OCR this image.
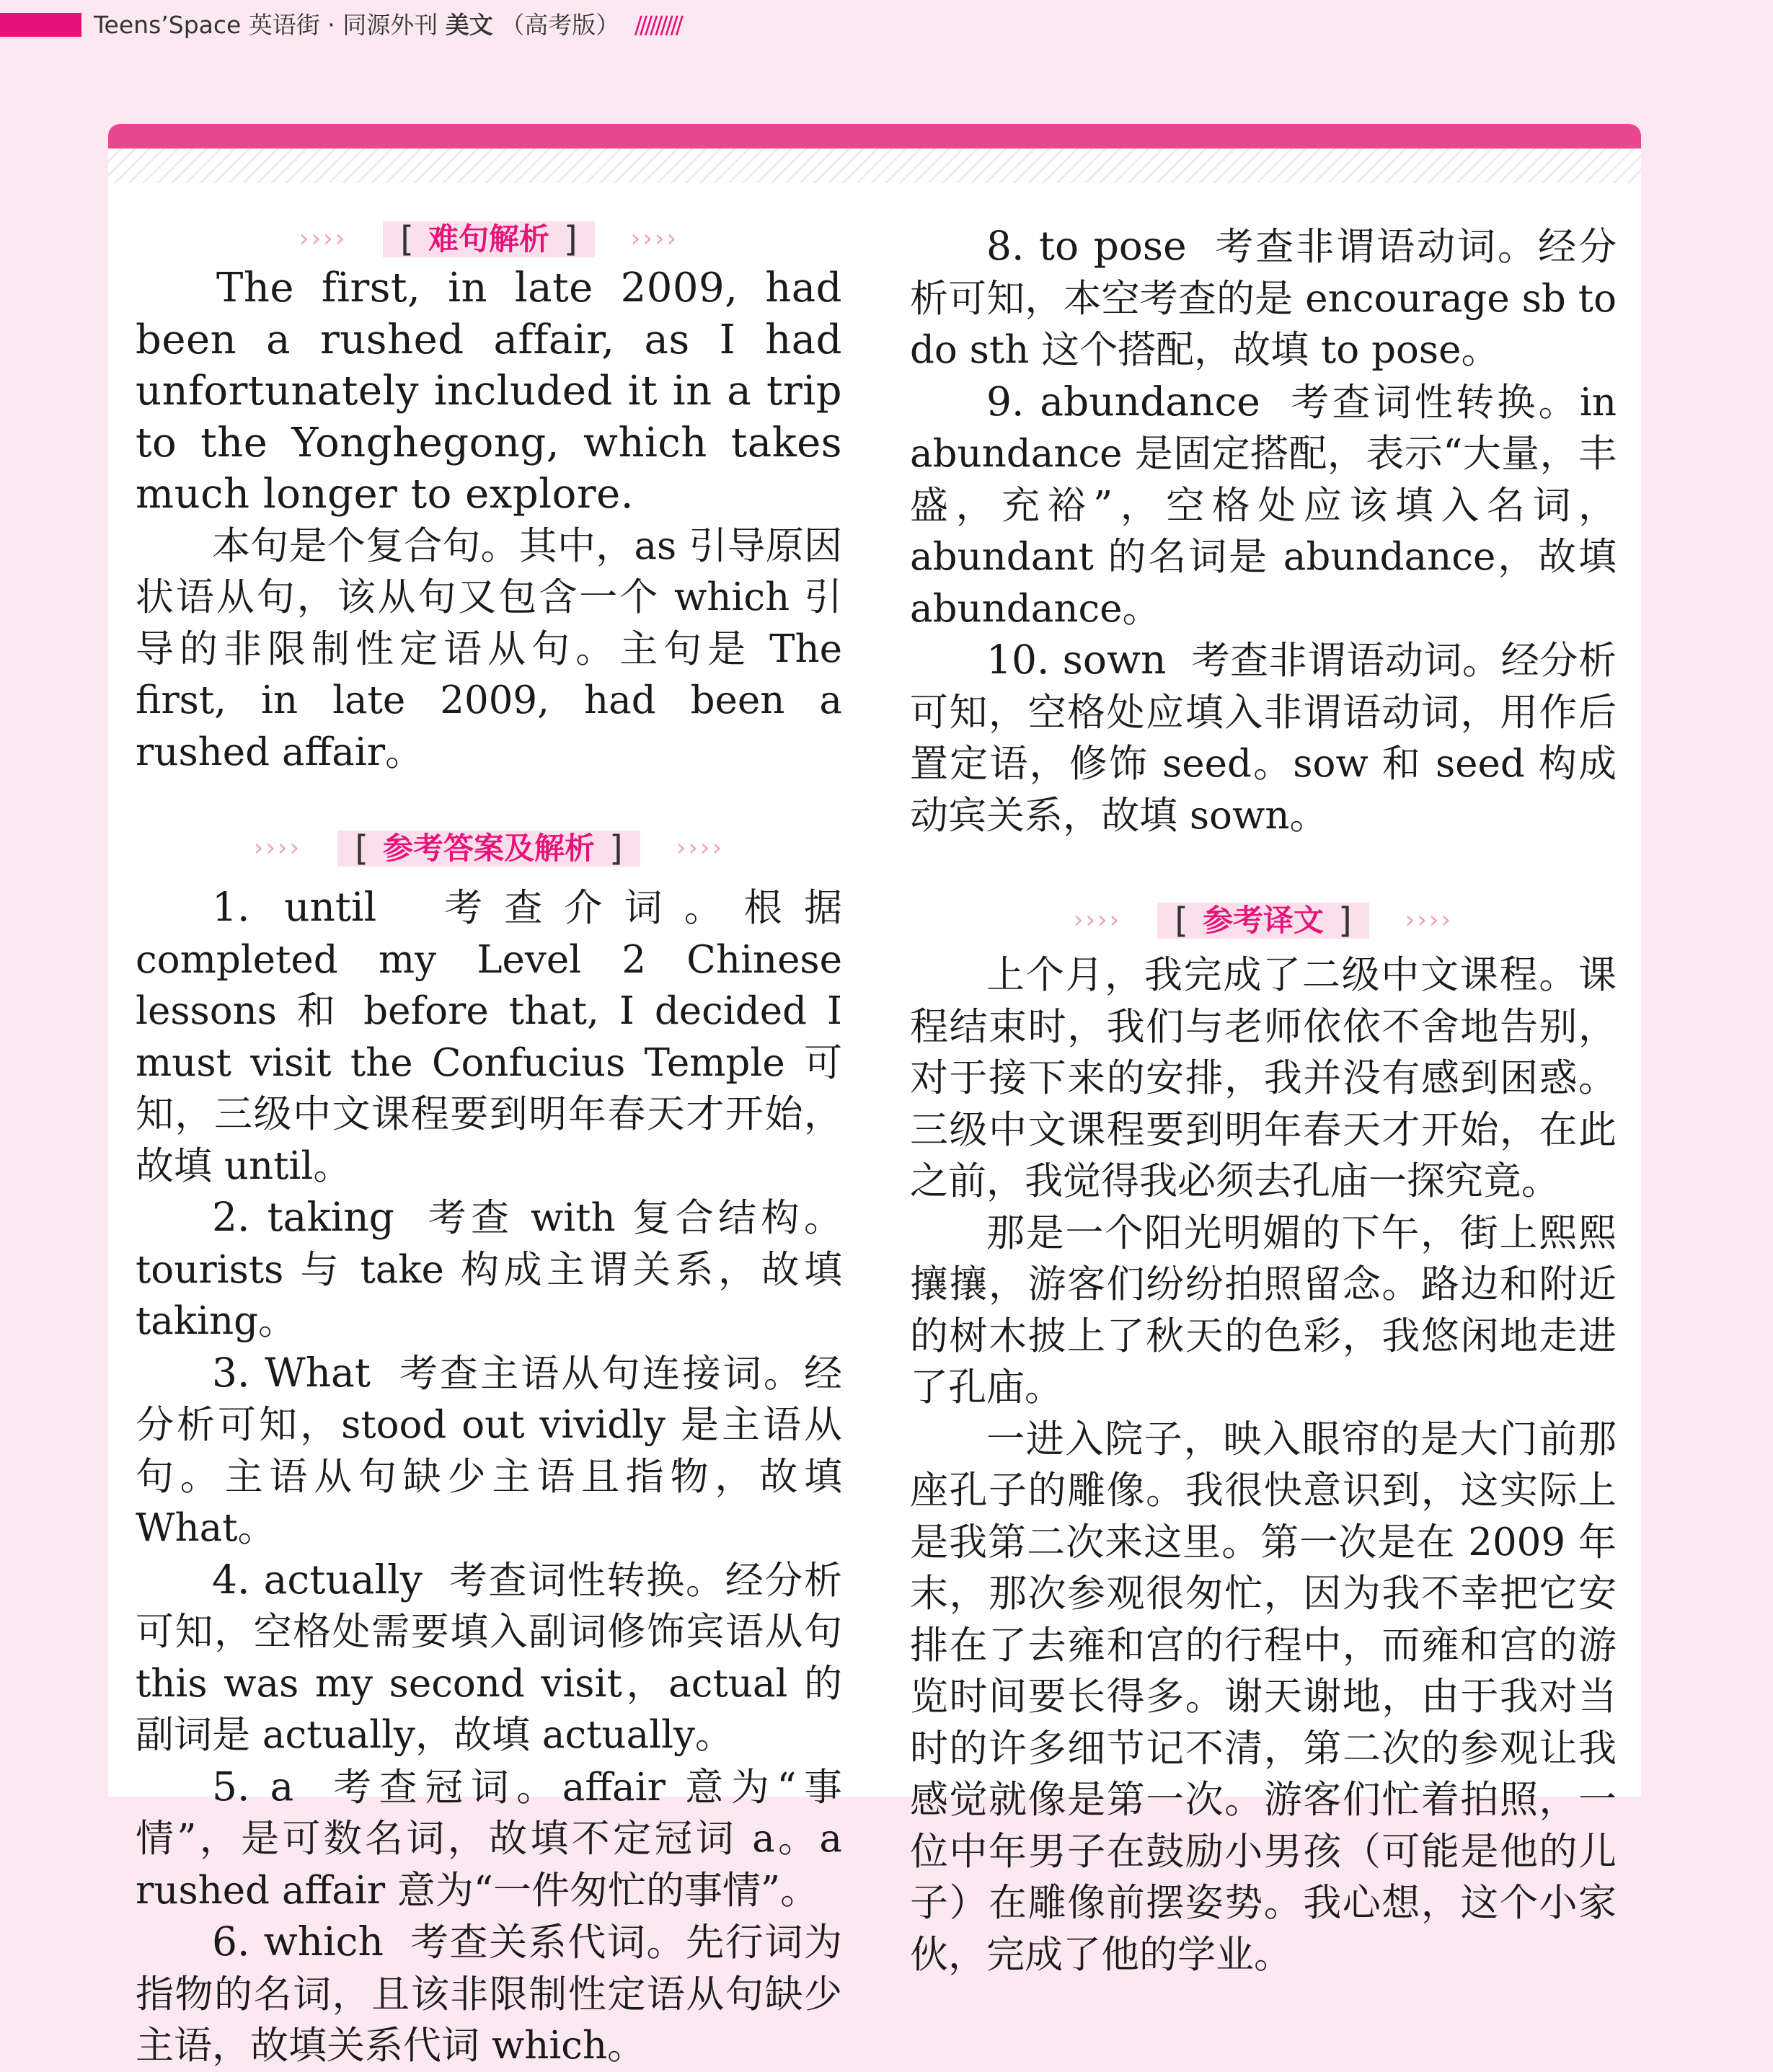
Teens’Space 英语街 · 同源外刊 美文 （高考版） /////////
›››› [ 难句解析 ] ››››

The first, in late 2009, had been a rushed affair, as I had unfortunately included it in a trip to the Yonghegong, which takes much longer to explore.

本句是个复合句。其中，as 引导原因状语从句，该从句又包含一个 which 引导的非限制性定语从句。主句是 The first, in late 2009, had been a rushed affair。

›››› [ 参考答案及解析 ] ››››

1. until 考查介词。根据 completed my Level 2 Chinese lessons 和 before that, I decided I must visit the Confucius Temple 可知，三级中文课程要到明年春天才开始，故填 until。

2. taking 考查 with 复合结构。tourists 与 take 构成主谓关系，故填 taking。

3. What 考查主语从句连接词。经分析可知，stood out vividly 是主语从句。主语从句缺少主语且指物，故填 What。

4. actually 考查词性转换。经分析可知，空格处需要填入副词修饰宾语从句 this was my second visit，actual 的副词是 actually，故填 actually。

5. a 考查冠词。affair 意为“事情”，是可数名词，故填不定冠词 a。a rushed affair 意为“一件匆忙的事情”。

6. which 考查关系代词。先行词为指物的名词，且该非限制性定语从句缺少主语，故填关系代词 which。

8. to pose 考查非谓语动词。经分析可知，本空考查的是 encourage sb to do sth 这个搭配，故填 to pose。

9. abundance 考查词性转换。in abundance 是固定搭配，表示“大量，丰盛，充裕”，空格处应该填入名词，abundant 的名词是 abundance，故填 abundance。

10. sown 考查非谓语动词。经分析可知，空格处应填入非谓语动词，用作后置定语，修饰 seed。sow 和 seed 构成动宾关系，故填 sown。

›››› [ 参考译文 ] ››››

上个月，我完成了二级中文课程。课程结束时，我们与老师依依不舍地告别，对于接下来的安排，我并没有感到困惑。三级中文课程要到明年春天才开始，在此之前，我觉得我必须去孔庙一探究竟。

那是一个阳光明媚的下午，街上熙熙攘攘，游客们纷纷拍照留念。路边和附近的树木披上了秋天的色彩，我悠闲地走进了孔庙。

一进入院子，映入眼帘的是大门前那座孔子的雕像。我很快意识到，这实际上是我第二次来这里。第一次是在 2009 年末，那次参观很匆忙，因为我不幸把它安排在了去雍和宫的行程中，而雍和宫的游览时间要长得多。谢天谢地，由于我对当时的许多细节记不清，第二次的参观让我感觉就像是第一次。游客们忙着拍照，一位中年男子在鼓励小男孩（可能是他的儿子）在雕像前摆姿势。我心想，这个小家伙，完成了他的学业。
